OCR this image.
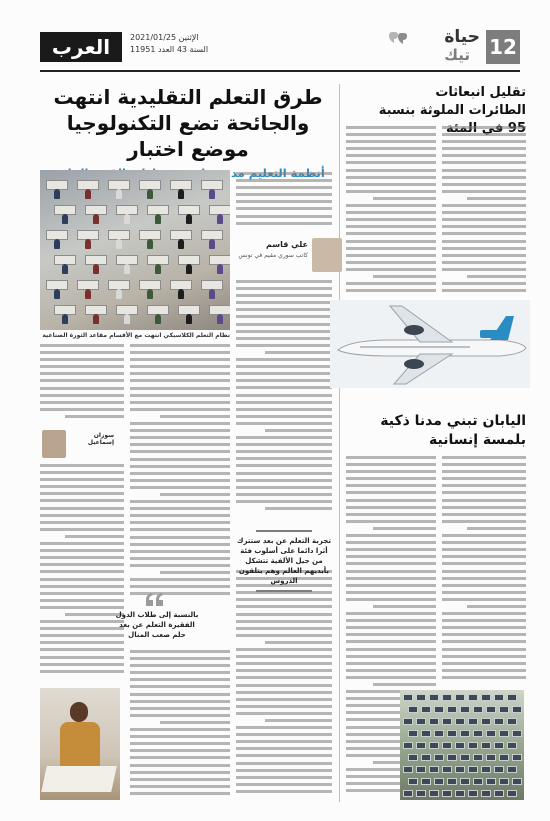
12
حياة
تيك
العرب	الإثنين 2021/01/25
السنة 43 العدد 11951
طرق التعلم التقليدية انتهت والجائحة تضع التكنولوجيا موضع اختبار
نظام التعلم الكلاسيكي انتهت مع الأقسام مقاعد الثورة الصناعية
علي قاسم
كاتب سوري مقيم في تونس
تجربة التعلم عن بعد ستترك أثرا دائما على أسلوب فئة من جيل الألفية تتشكل بأيديهم العالم وهم يتلقون الدروس
بالنسبة إلى طلاب الدول الفقيرة التعلم عن بعد حلم صعب المنال
سوزان إسماعيل
تقليل انبعاثات الطائرات الملوثة بنسبة
اليابان تبني مدنا ذكية بلمسة إنسانية
